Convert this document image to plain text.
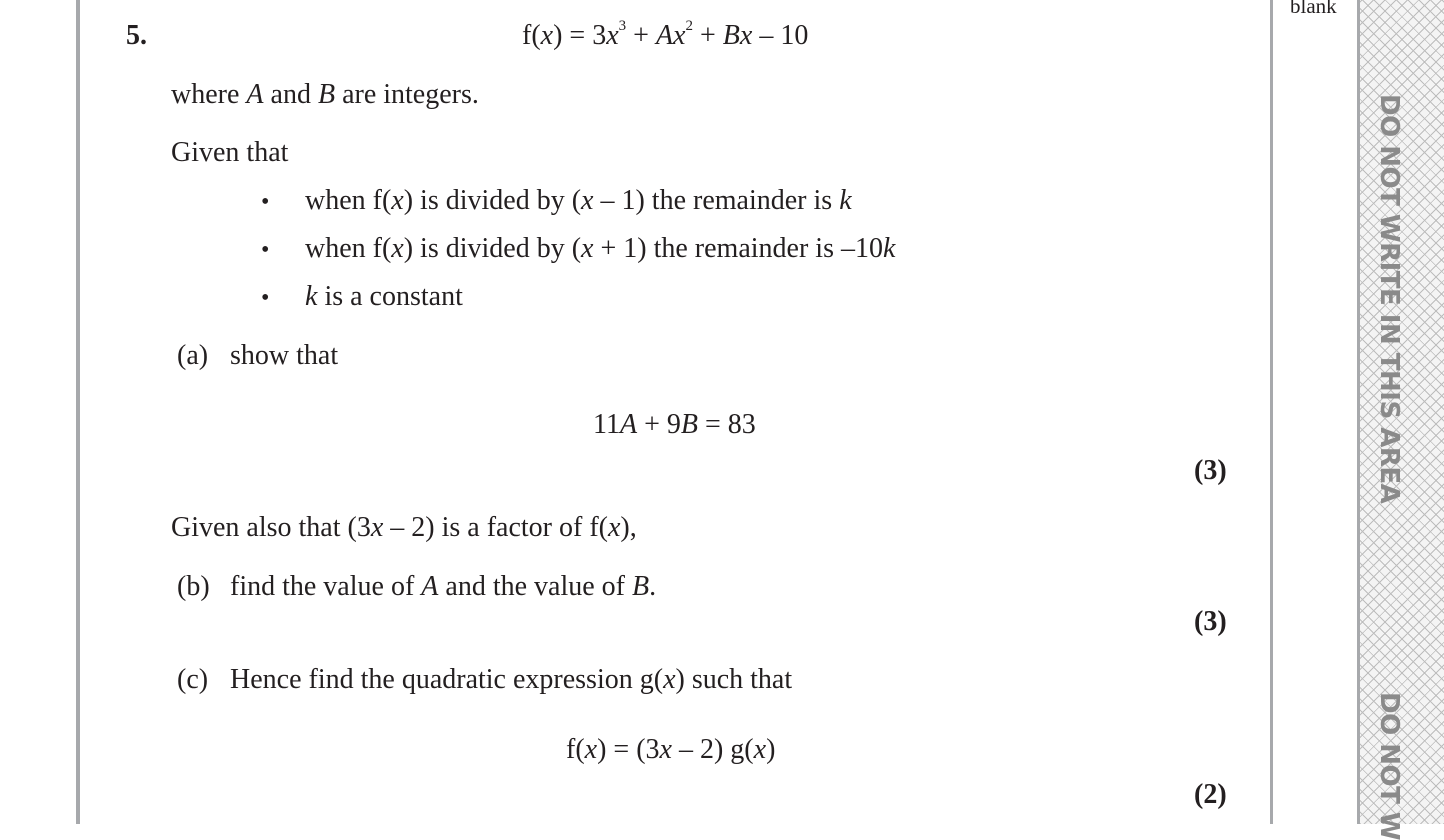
DO NOT WRITE IN THIS AREA
DO NOT W
blank
5.	$f(x) = 3x^3 + Ax^2 + Bx - 10$
where A and B are integers.
Given that
• when f(x) is divided by (x – 1) the remainder is k
• when f(x) is divided by (x + 1) the remainder is –10k
• k is a constant
(a) show that
11A + 9B = 83
(3)
Given also that (3x – 2) is a factor of f(x),
(b) find the value of A and the value of B.
(3)
(c) Hence find the quadratic expression g(x) such that
f(x) = (3x – 2) g(x)
(2)
